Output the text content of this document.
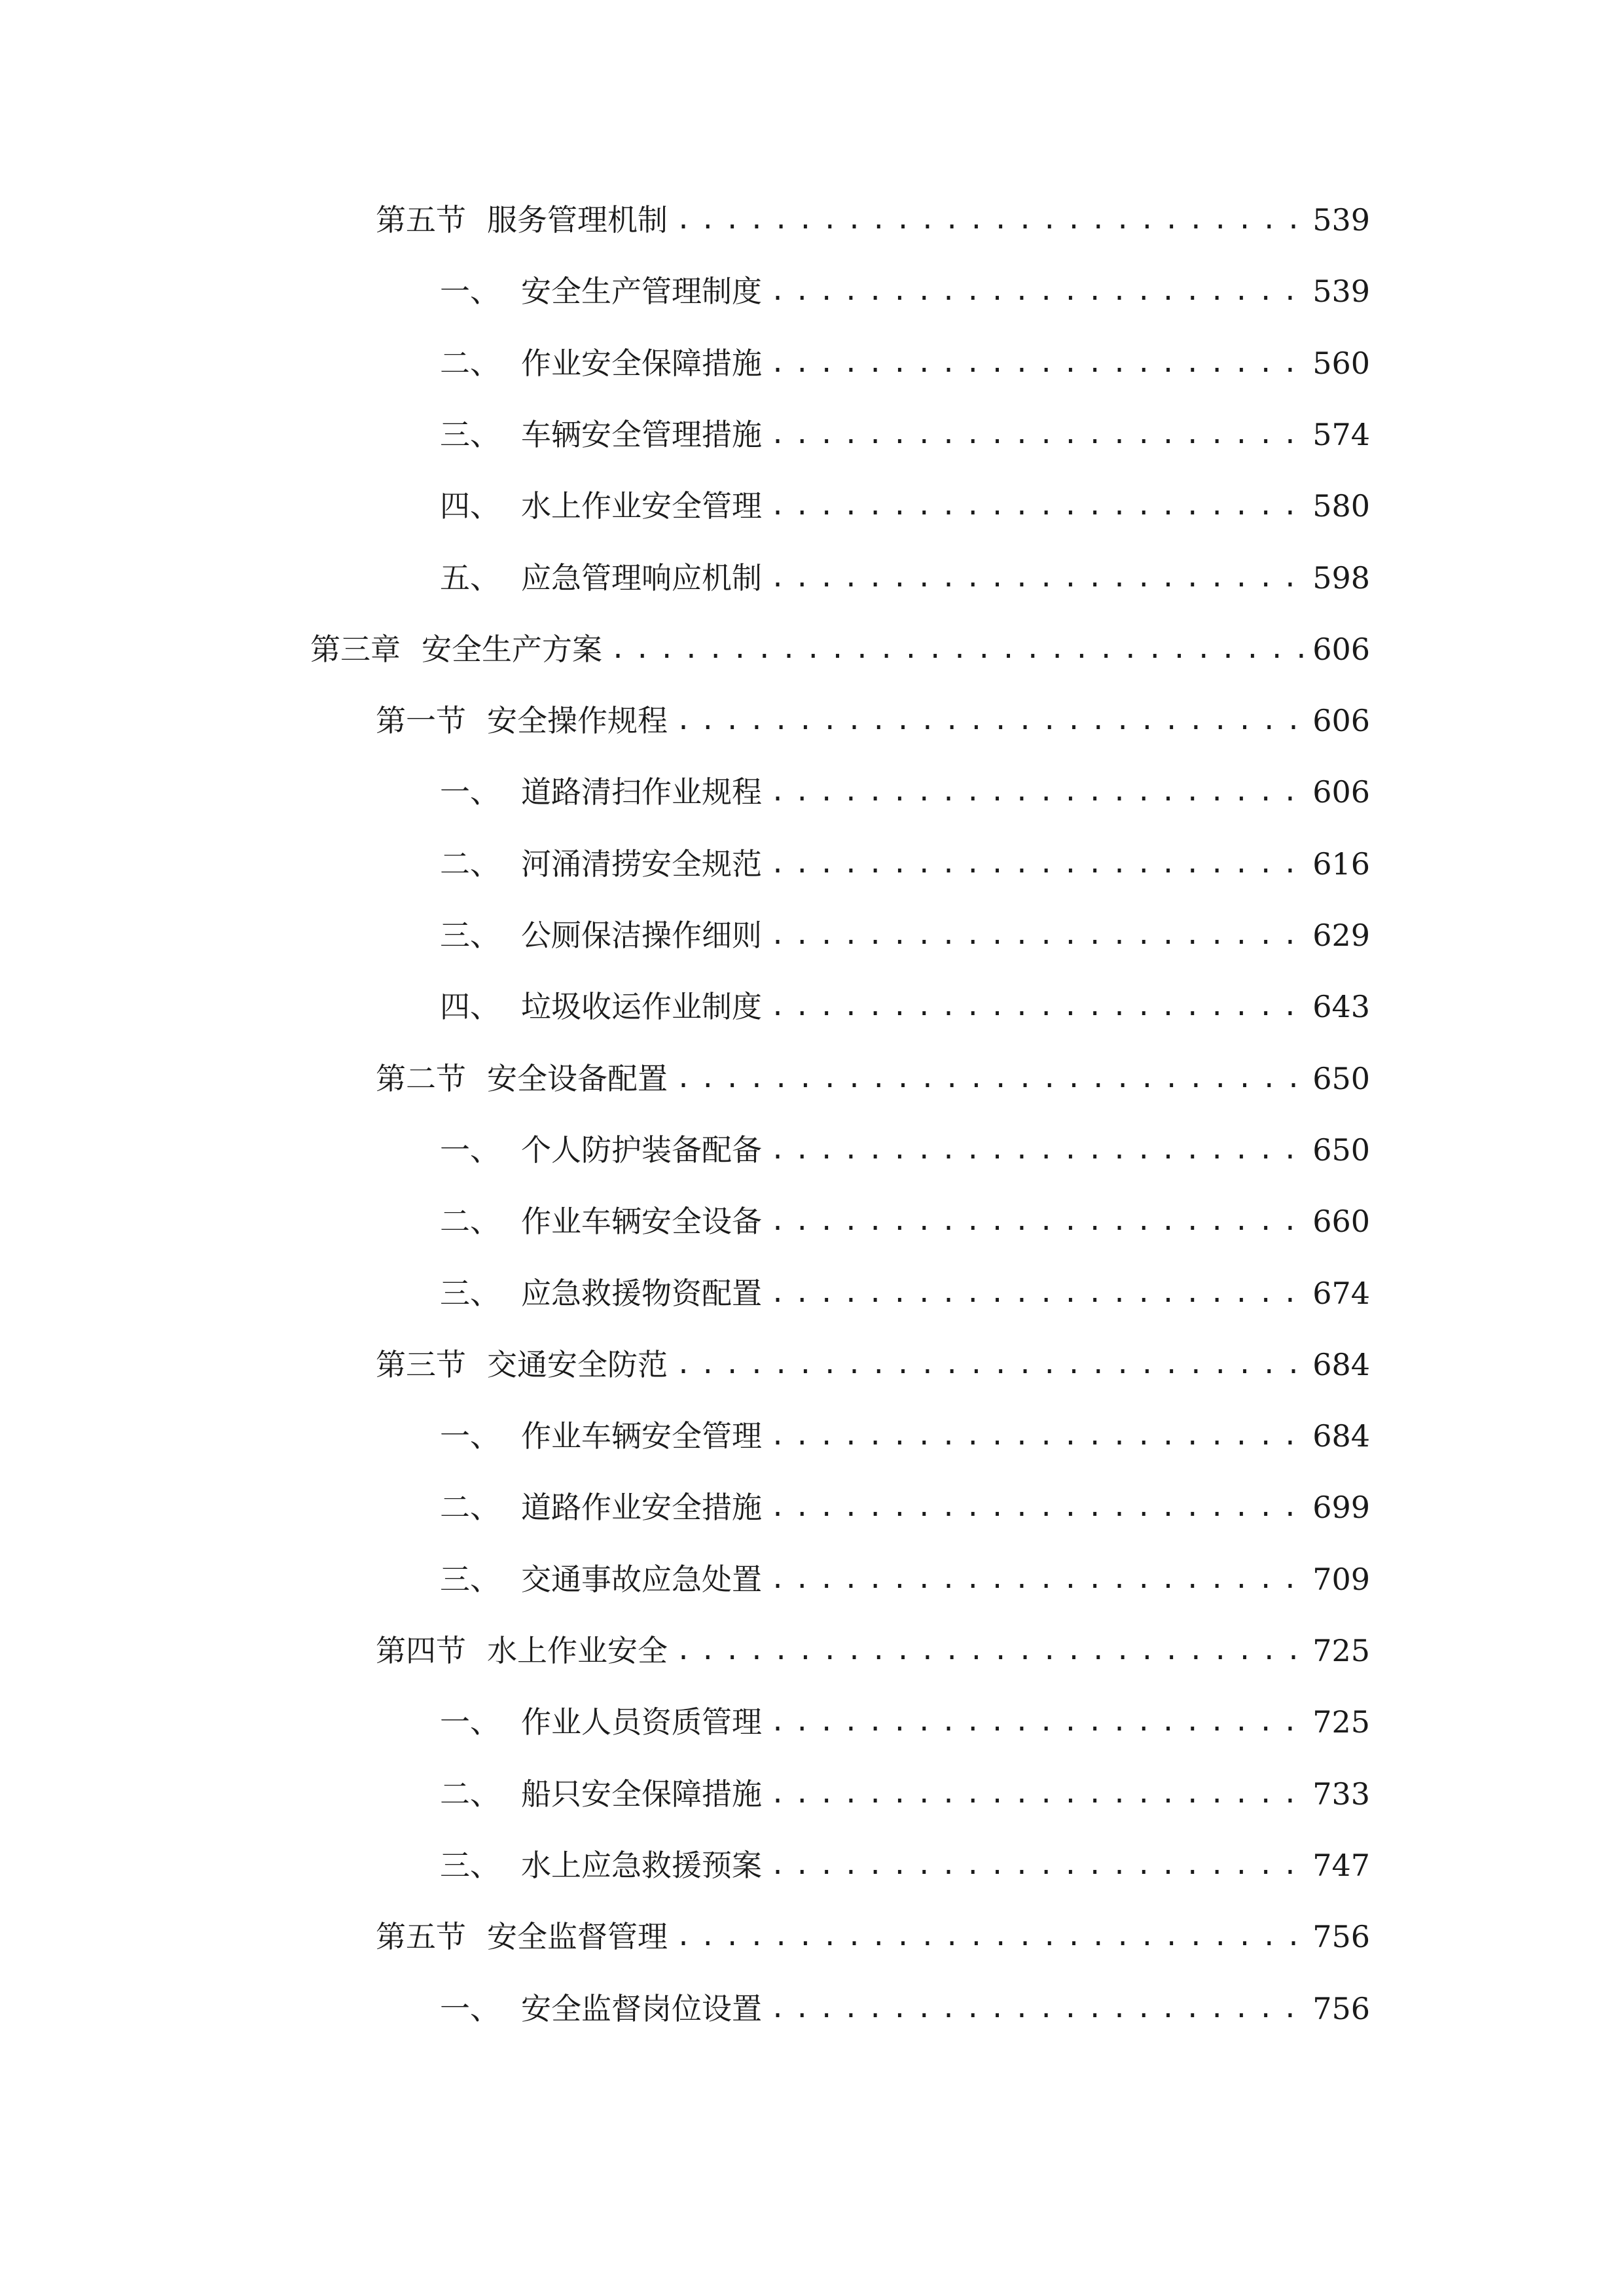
第五节 服务管理机制 .....	539
一、 安全生产管理制度 .....	539
二、 作业安全保障措施 .....	560
三、 车辆安全管理措施 .....	574
四、 水上作业安全管理 .....	580
五、 应急管理响应机制 .....	598
第三章 安全生产方案 .....	606
第一节 安全操作规程 .....	606
一、 道路清扫作业规程 .....	606
二、 河涌清捞安全规范 .....	616
三、 公厕保洁操作细则 .....	629
四、 垃圾收运作业制度 .....	643
第二节 安全设备配置 .....	650
一、 个人防护装备配备 .....	650
二、 作业车辆安全设备 .....	660
三、 应急救援物资配置 .....	674
第三节 交通安全防范 .....	684
一、 作业车辆安全管理 .....	684
二、 道路作业安全措施 .....	699
三、 交通事故应急处置 .....	709
第四节 水上作业安全 .....	725
一、 作业人员资质管理 .....	725
二、 船只安全保障措施 .....	733
三、 水上应急救援预案 .....	747
第五节 安全监督管理 .....	756
一、 安全监督岗位设置 .....	756
